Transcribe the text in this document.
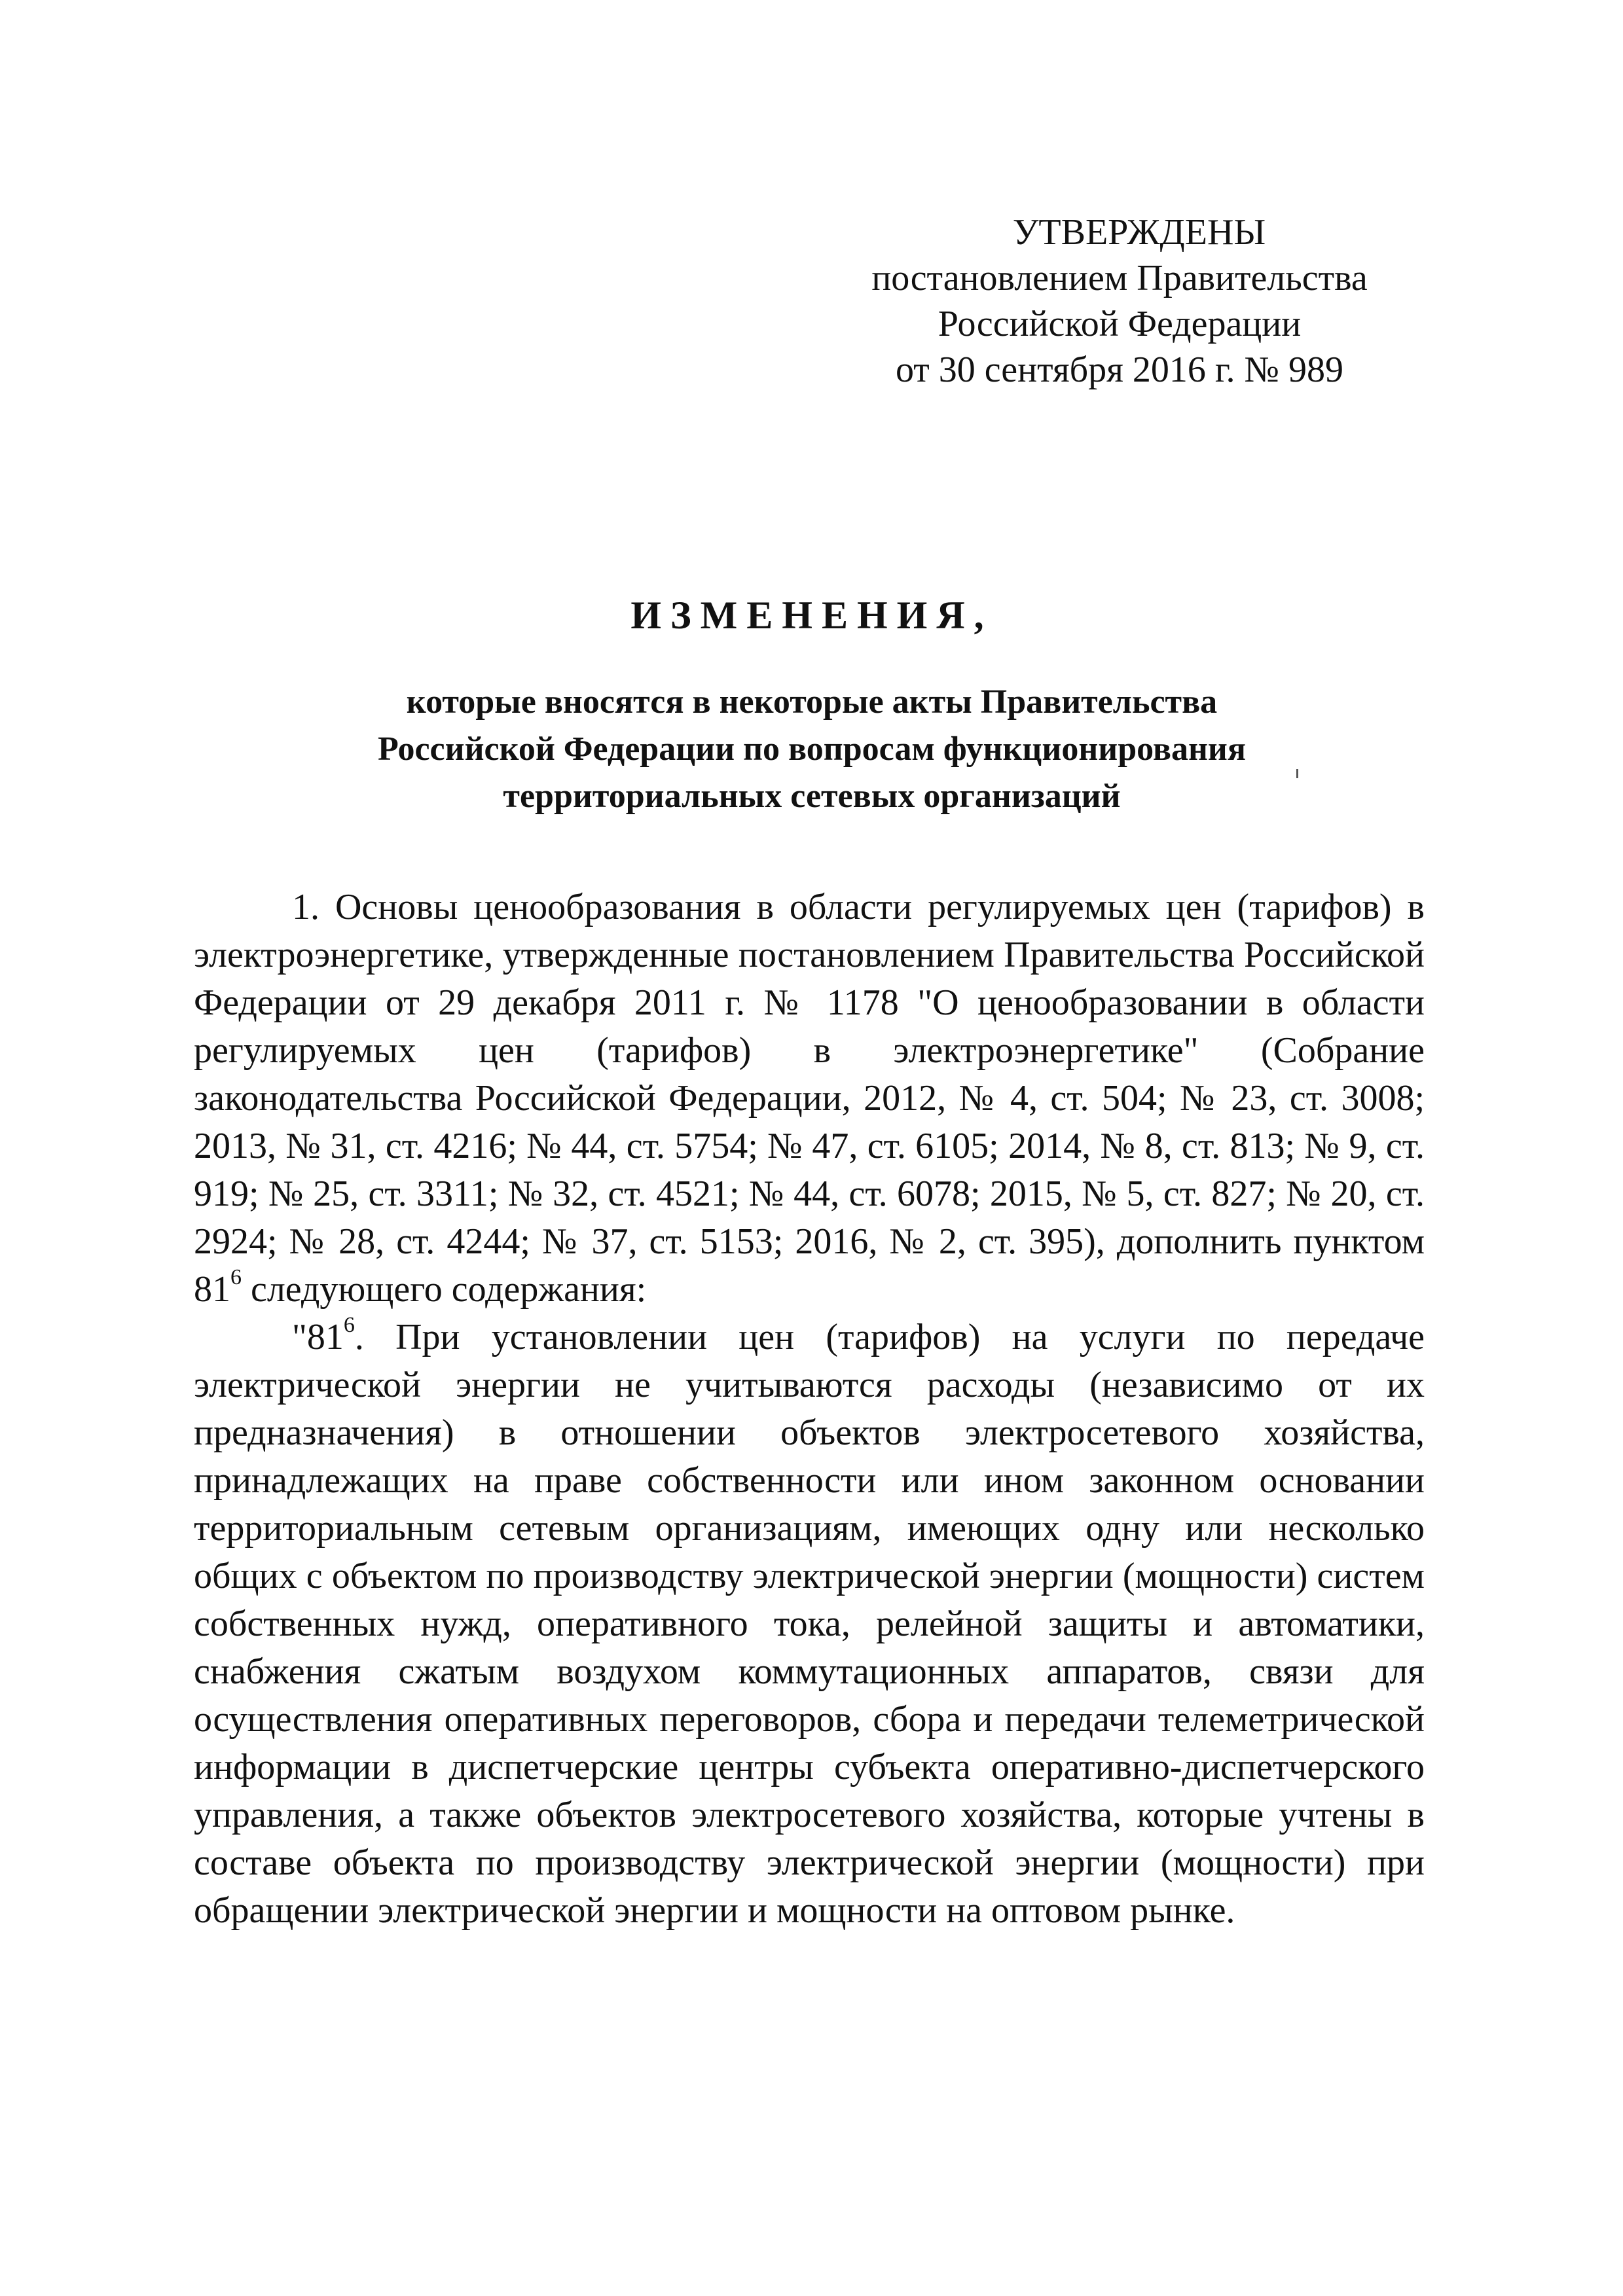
УТВЕРЖДЕНЫ
постановлением Правительства
Российской Федерации
от 30 сентября 2016 г. № 989
ИЗМЕНЕНИЯ,
которые вносятся в некоторые акты Правительства
Российской Федерации по вопросам функционирования
территориальных сетевых организаций

1. Основы ценообразования в области регулируемых цен (тарифов) в электроэнергетике, утвержденные постановлением Правительства Российской Федерации от 29 декабря 2011 г. № 1178 "О ценообразовании в области регулируемых цен (тарифов) в электроэнергетике" (Собрание законодательства Российской Федерации, 2012, № 4, ст. 504; № 23, ст. 3008; 2013, № 31, ст. 4216; № 44, ст. 5754; № 47, ст. 6105; 2014, № 8, ст. 813; № 9, ст. 919; № 25, ст. 3311; № 32, ст. 4521; № 44, ст. 6078; 2015, № 5, ст. 827; № 20, ст. 2924; № 28, ст. 4244; № 37, ст. 5153; 2016, № 2, ст. 395), дополнить пунктом $81^6$ следующего содержания:

"$81^6$. При установлении цен (тарифов) на услуги по передаче электрической энергии не учитываются расходы (независимо от их предназначения) в отношении объектов электросетевого хозяйства, принадлежащих на праве собственности или ином законном основании территориальным сетевым организациям, имеющих одну или несколько общих с объектом по производству электрической энергии (мощности) систем собственных нужд, оперативного тока, релейной защиты и автоматики, снабжения сжатым воздухом коммутационных аппаратов, связи для осуществления оперативных переговоров, сбора и передачи телеметрической информации в диспетчерские центры субъекта оперативно-диспетчерского управления, а также объектов электросетевого хозяйства, которые учтены в составе объекта по производству электрической энергии (мощности) при обращении электрической энергии и мощности на оптовом рынке.
